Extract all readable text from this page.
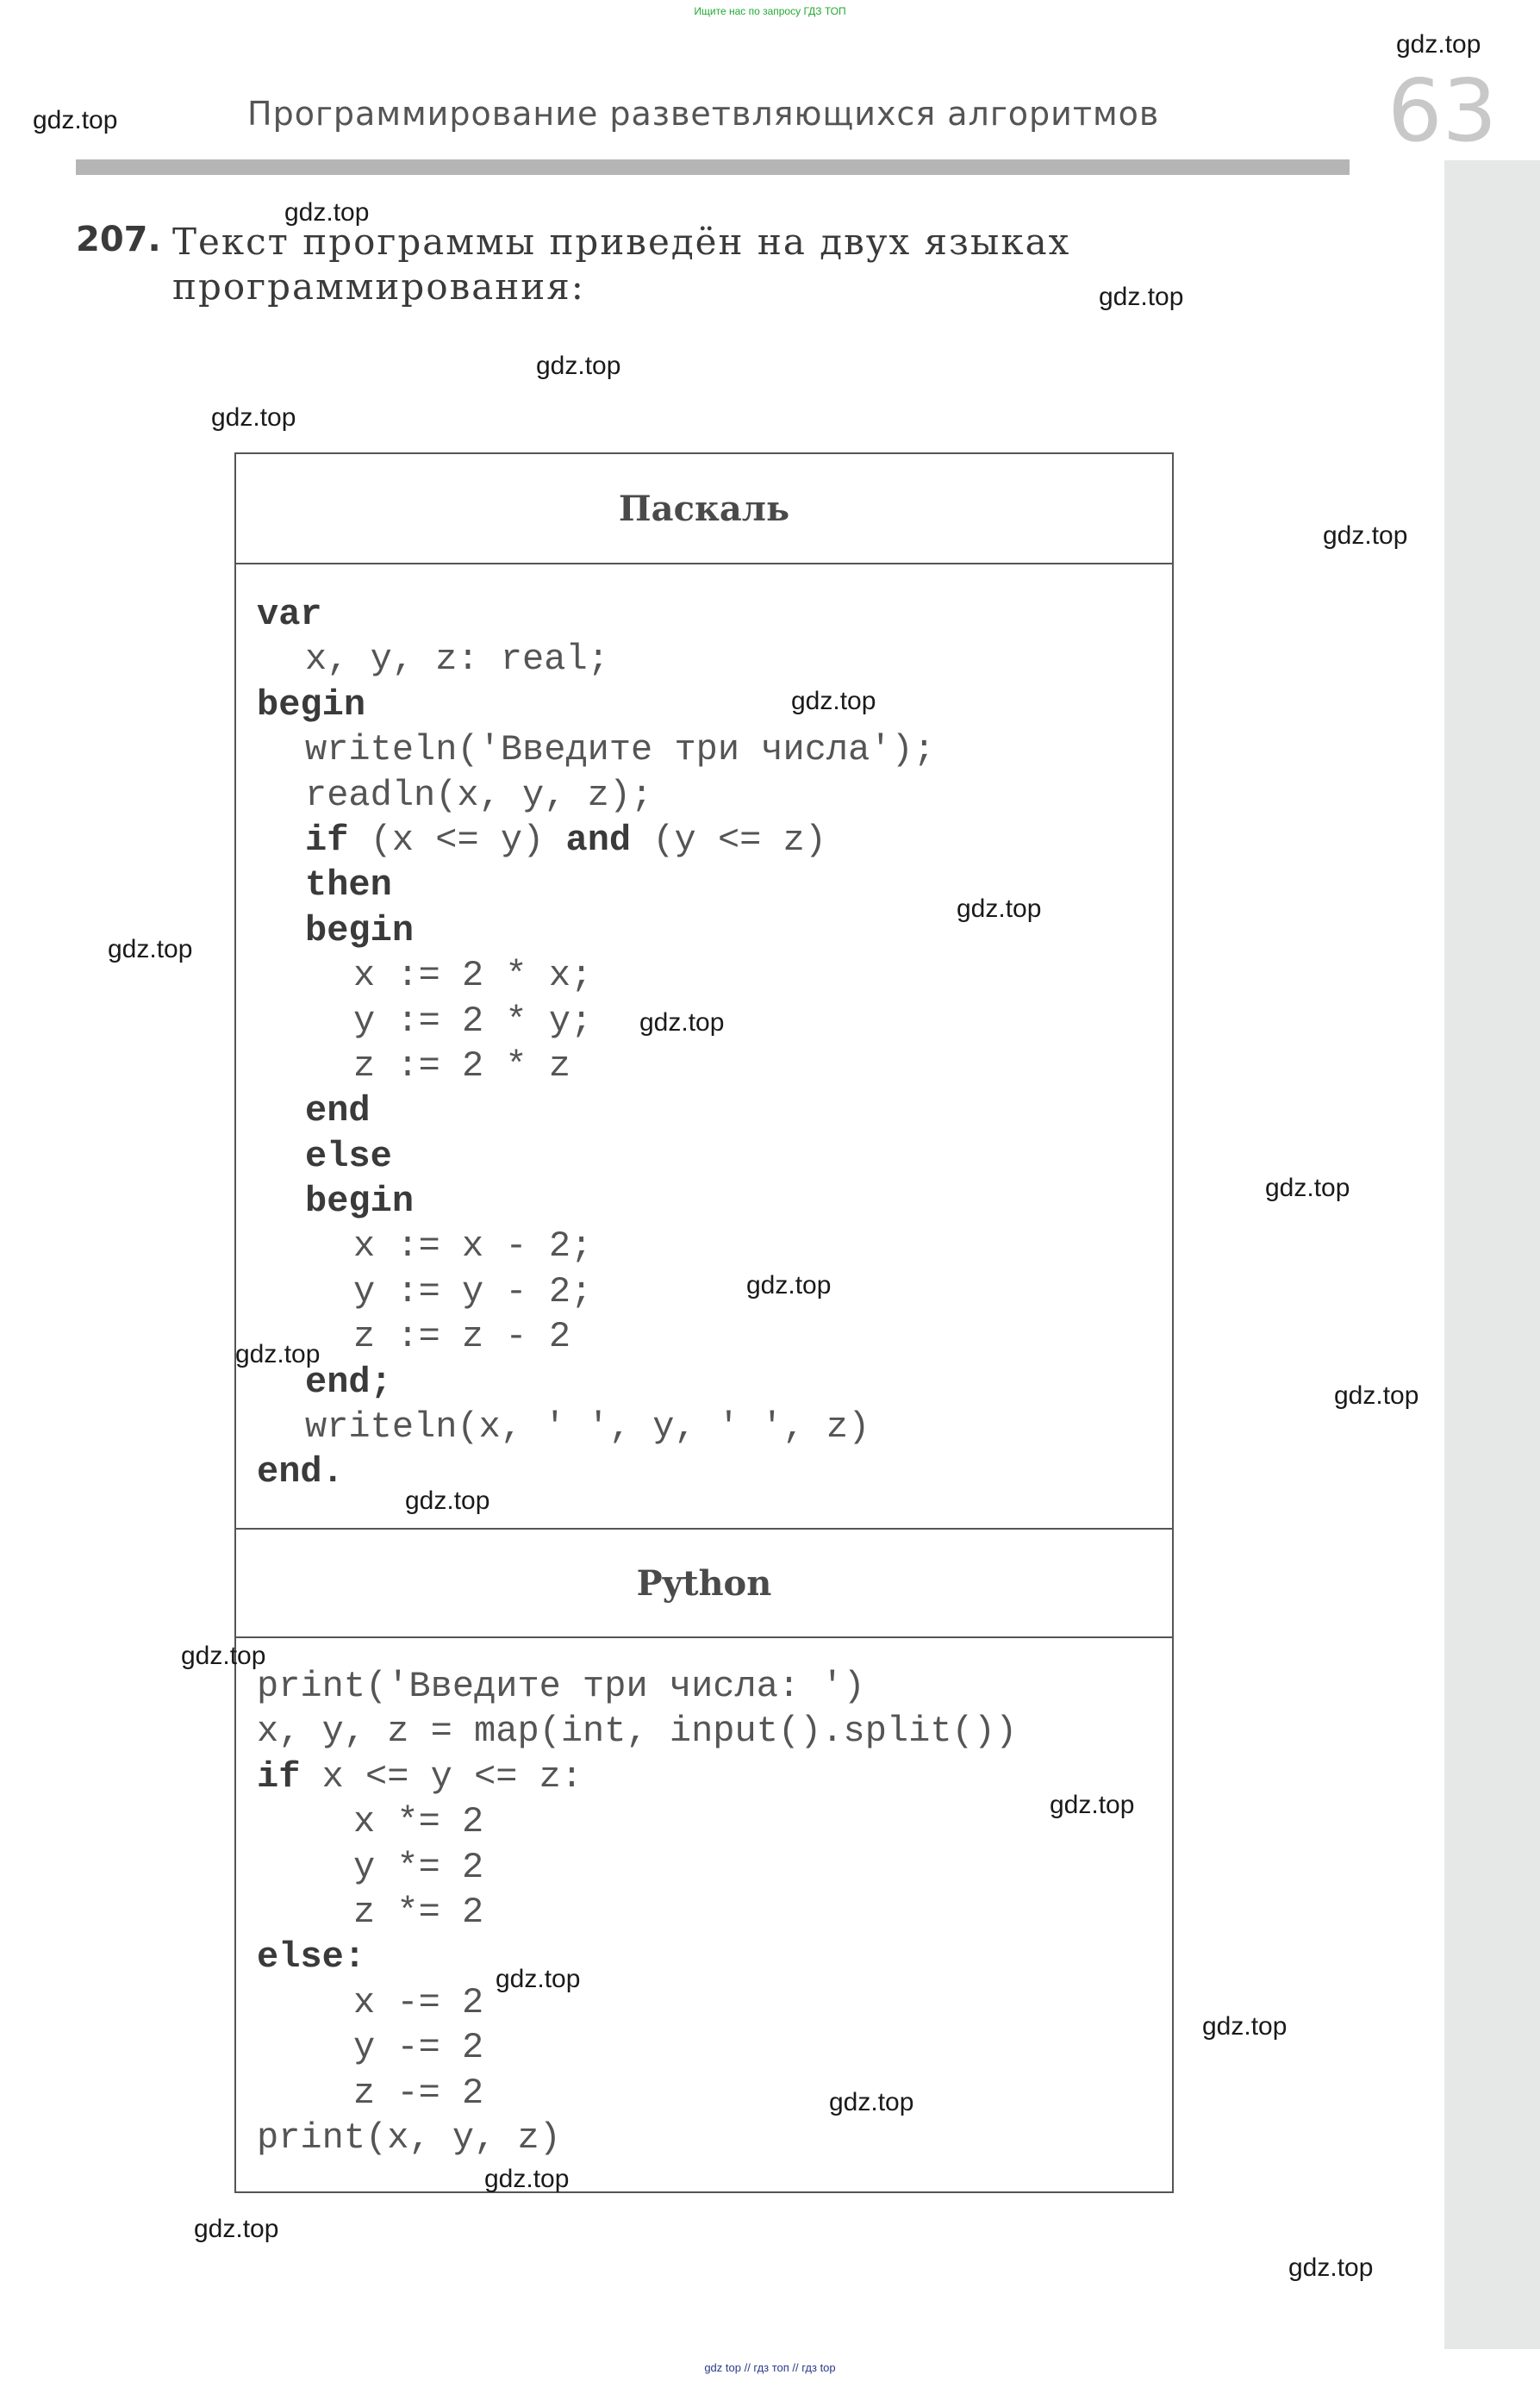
Ищите нас по запросу ГДЗ ТОП
Программирование разветвляющихся алгоритмов	63
207. Текст программы приведён на двух языках программирования:
Паскаль
var
x, y, z: real;
begin
writeln('Введите три числа');
readln(x, y, z);
if (x <= y) and (y <= z)
then
begin
x := 2 * x;
y := 2 * y;
z := 2 * z
end
else
begin
x := x - 2;
y := y - 2;
z := z - 2
end;
writeln(x, ' ', y, ' ', z)
end.
Python
print('Введите три числа: ')
x, y, z = map(int, input().split())
if x <= y <= z:
x *= 2
y *= 2
z *= 2
else:
x -= 2
y -= 2
z -= 2
print(x, y, z)
gdz.top
gdz.top
gdz.top
gdz.top
gdz.top
gdz.top
gdz.top
gdz.top
gdz.top
gdz.top
gdz.top
gdz.top
gdz.top
gdz.top
gdz.top
gdz.top
gdz.top
gdz.top
gdz.top
gdz.top
gdz.top
gdz.top
gdz.top
gdz.top
gdz top // гдз топ // гдз top
